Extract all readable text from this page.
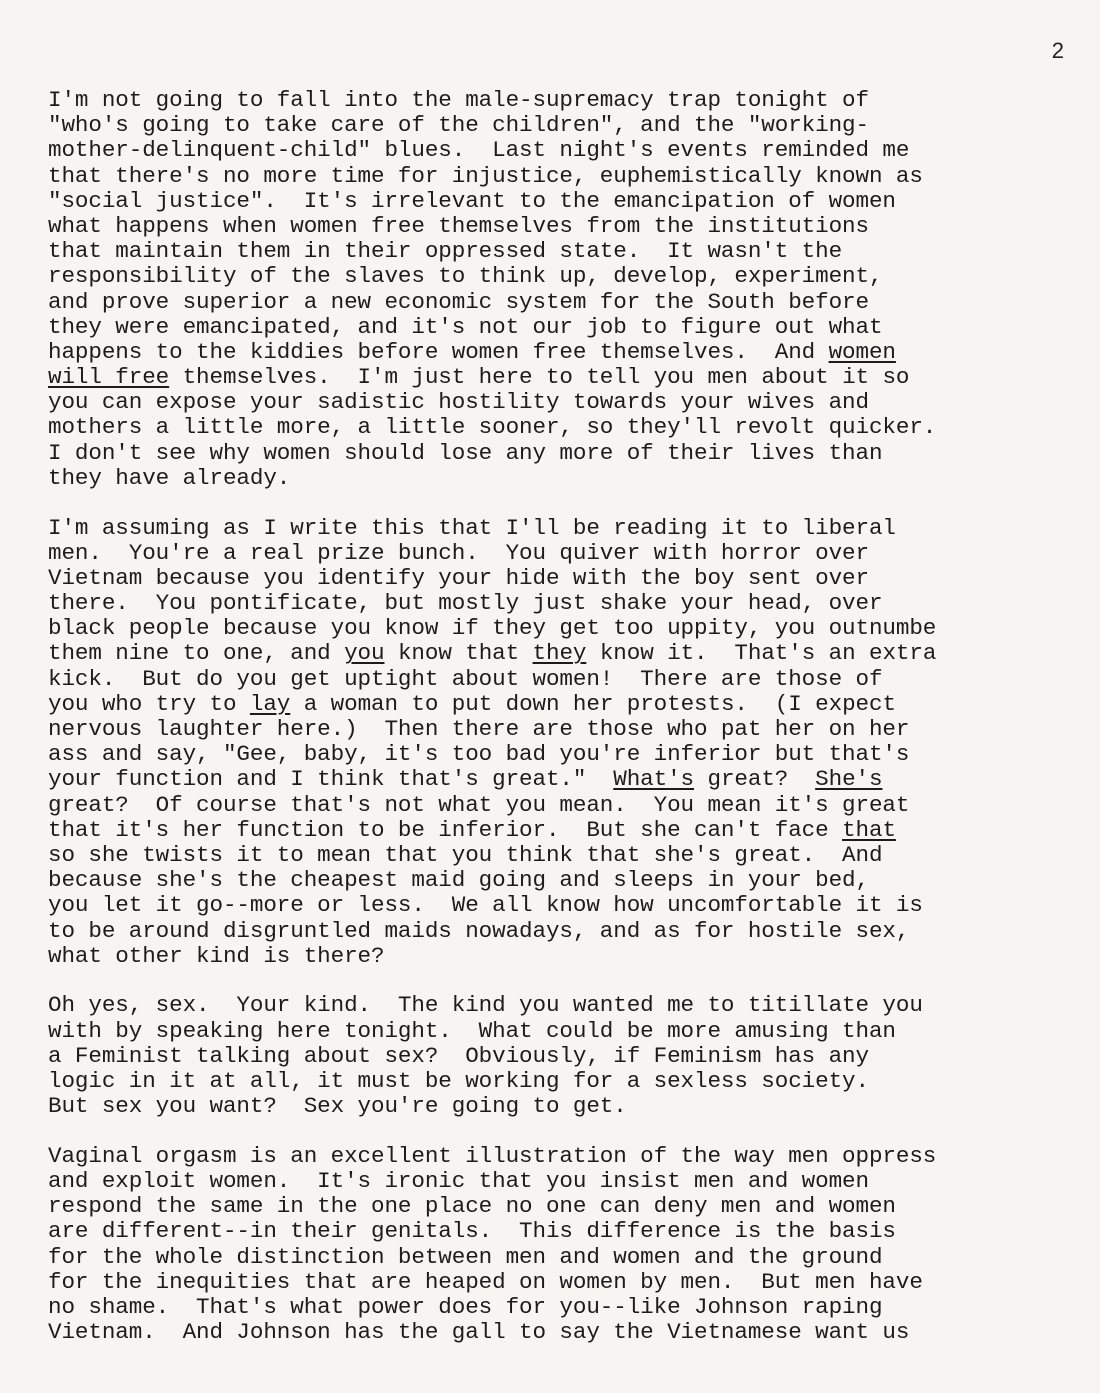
2
I'm not going to fall into the male-supremacy trap tonight of
"who's going to take care of the children", and the "working-
mother-delinquent-child" blues.  Last night's events reminded me
that there's no more time for injustice, euphemistically known as
"social justice".  It's irrelevant to the emancipation of women
what happens when women free themselves from the institutions
that maintain them in their oppressed state.  It wasn't the
responsibility of the slaves to think up, develop, experiment,
and prove superior a new economic system for the South before
they were emancipated, and it's not our job to figure out what
happens to the kiddies before women free themselves.  And women
will free themselves.  I'm just here to tell you men about it so
you can expose your sadistic hostility towards your wives and
mothers a little more, a little sooner, so they'll revolt quicker.
I don't see why women should lose any more of their lives than
they have already.
I'm assuming as I write this that I'll be reading it to liberal
men.  You're a real prize bunch.  You quiver with horror over
Vietnam because you identify your hide with the boy sent over
there.  You pontificate, but mostly just shake your head, over
black people because you know if they get too uppity, you outnumbe
them nine to one, and you know that they know it.  That's an extra
kick.  But do you get uptight about women!  There are those of
you who try to lay a woman to put down her protests.  (I expect
nervous laughter here.)  Then there are those who pat her on her
ass and say, "Gee, baby, it's too bad you're inferior but that's
your function and I think that's great."  What's great?  She's
great?  Of course that's not what you mean.  You mean it's great
that it's her function to be inferior.  But she can't face that
so she twists it to mean that you think that she's great.  And
because she's the cheapest maid going and sleeps in your bed,
you let it go--more or less.  We all know how uncomfortable it is
to be around disgruntled maids nowadays, and as for hostile sex,
what other kind is there?
Oh yes, sex.  Your kind.  The kind you wanted me to titillate you
with by speaking here tonight.  What could be more amusing than
a Feminist talking about sex?  Obviously, if Feminism has any
logic in it at all, it must be working for a sexless society.
But sex you want?  Sex you're going to get.
Vaginal orgasm is an excellent illustration of the way men oppress
and exploit women.  It's ironic that you insist men and women
respond the same in the one place no one can deny men and women
are different--in their genitals.  This difference is the basis
for the whole distinction between men and women and the ground
for the inequities that are heaped on women by men.  But men have
no shame.  That's what power does for you--like Johnson raping
Vietnam.  And Johnson has the gall to say the Vietnamese want us
